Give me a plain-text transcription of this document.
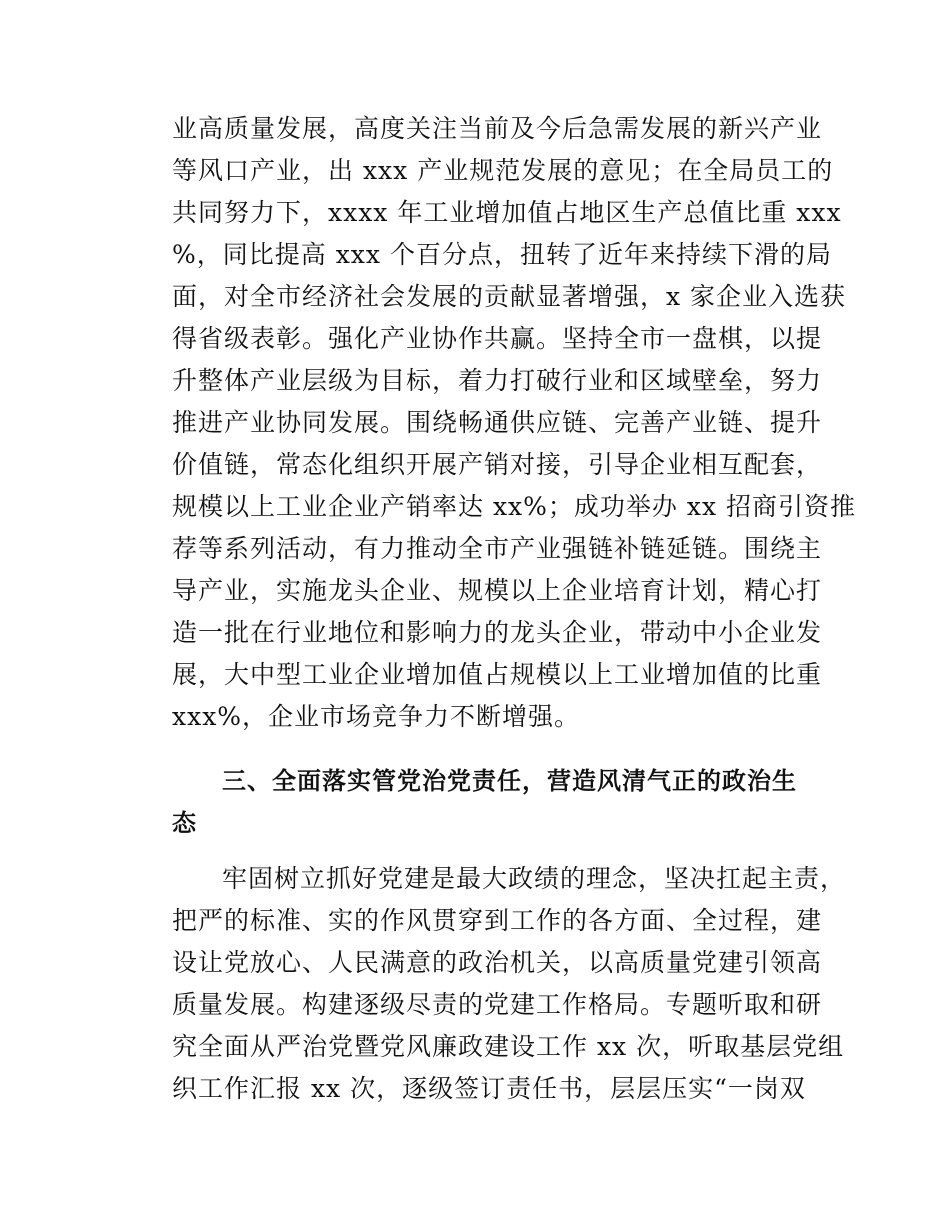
业高质量发展，高度关注当前及今后急需发展的新兴产业
等风口产业，出 xxx 产业规范发展的意见；在全局员工的
共同努力下，xxxx 年工业增加值占地区生产总值比重 xxx
%，同比提高 xxx 个百分点，扭转了近年来持续下滑的局
面，对全市经济社会发展的贡献显著增强，x 家企业入选获
得省级表彰。强化产业协作共赢。坚持全市一盘棋，以提
升整体产业层级为目标，着力打破行业和区域壁垒，努力
推进产业协同发展。围绕畅通供应链、完善产业链、提升
价值链，常态化组织开展产销对接，引导企业相互配套，
规模以上工业企业产销率达 xx%；成功举办 xx 招商引资推
荐等系列活动，有力推动全市产业强链补链延链。围绕主
导产业，实施龙头企业、规模以上企业培育计划，精心打
造一批在行业地位和影响力的龙头企业，带动中小企业发
展，大中型工业企业增加值占规模以上工业增加值的比重
xxx%，企业市场竞争力不断增强。
三、全面落实管党治党责任，营造风清气正的政治生
态
牢固树立抓好党建是最大政绩的理念，坚决扛起主责，
把严的标准、实的作风贯穿到工作的各方面、全过程，建
设让党放心、人民满意的政治机关，以高质量党建引领高
质量发展。构建逐级尽责的党建工作格局。专题听取和研
究全面从严治党暨党风廉政建设工作 xx 次，听取基层党组
织工作汇报 xx 次，逐级签订责任书，层层压实“一岗双
